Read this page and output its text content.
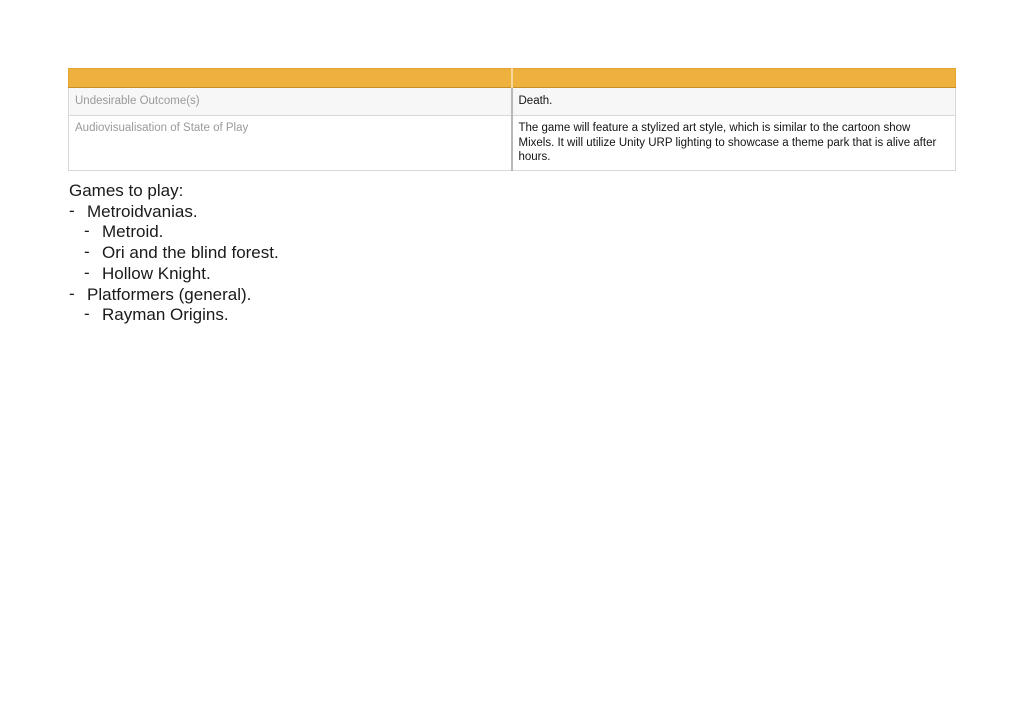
Undesirable Outcome(s)	Death.
Audiovisualisation of State of Play	The game will feature a stylized art style, which is similar to the cartoon show Mixels. It will utilize Unity URP lighting to showcase a theme park that is alive after hours.
Games to play:
- Metroidvanias.
- Metroid.
- Ori and the blind forest.
- Hollow Knight.
- Platformers (general).
- Rayman Origins.
